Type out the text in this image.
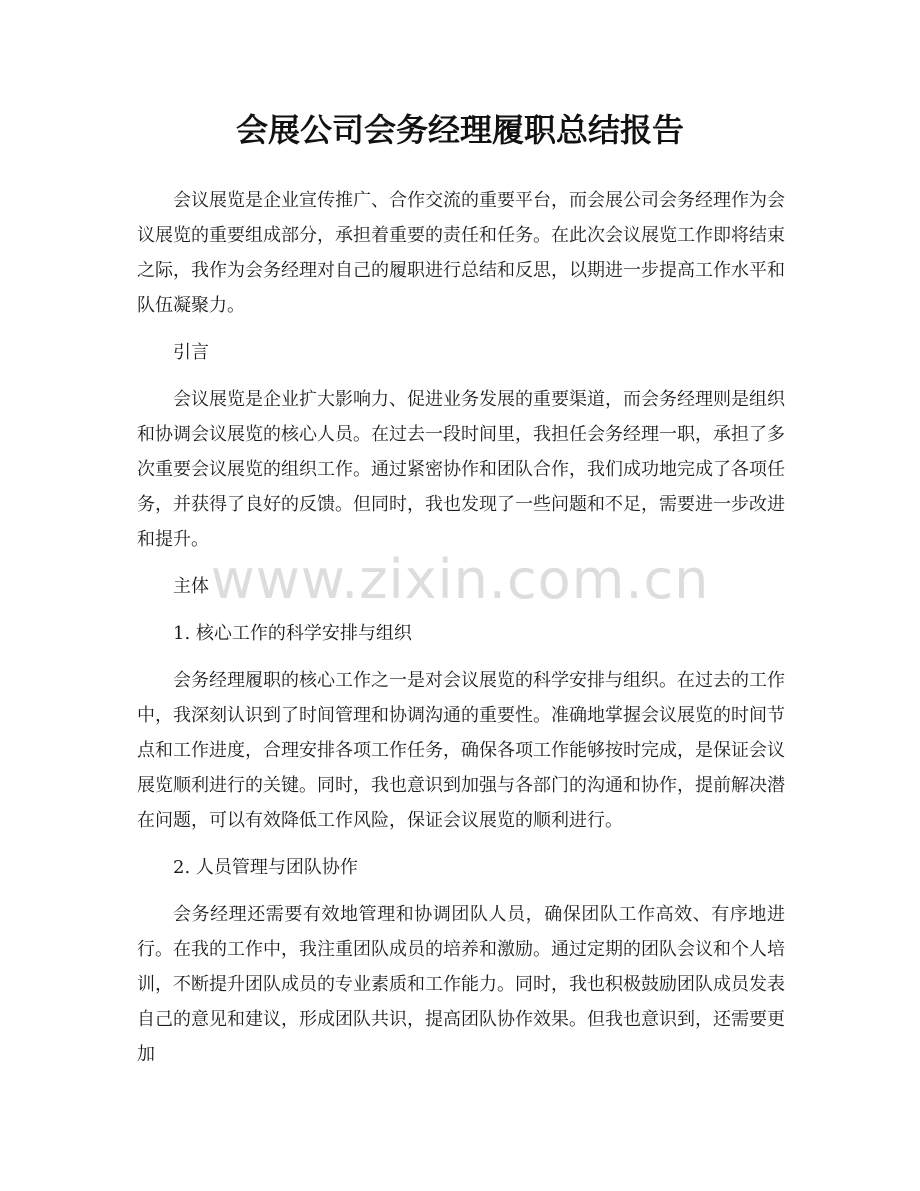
会展公司会务经理履职总结报告

会议展览是企业宣传推广、合作交流的重要平台，而会展公司会务经理作为会议展览的重要组成部分，承担着重要的责任和任务。在此次会议展览工作即将结束之际，我作为会务经理对自己的履职进行总结和反思，以期进一步提高工作水平和队伍凝聚力。

引言

会议展览是企业扩大影响力、促进业务发展的重要渠道，而会务经理则是组织和协调会议展览的核心人员。在过去一段时间里，我担任会务经理一职，承担了多次重要会议展览的组织工作。通过紧密协作和团队合作，我们成功地完成了各项任务，并获得了良好的反馈。但同时，我也发现了一些问题和不足，需要进一步改进和提升。

主体

1. 核心工作的科学安排与组织

会务经理履职的核心工作之一是对会议展览的科学安排与组织。在过去的工作中，我深刻认识到了时间管理和协调沟通的重要性。准确地掌握会议展览的时间节点和工作进度，合理安排各项工作任务，确保各项工作能够按时完成，是保证会议展览顺利进行的关键。同时，我也意识到加强与各部门的沟通和协作，提前解决潜在问题，可以有效降低工作风险，保证会议展览的顺利进行。

2. 人员管理与团队协作

会务经理还需要有效地管理和协调团队人员，确保团队工作高效、有序地进行。在我的工作中，我注重团队成员的培养和激励。通过定期的团队会议和个人培训，不断提升团队成员的专业素质和工作能力。同时，我也积极鼓励团队成员发表自己的意见和建议，形成团队共识，提高团队协作效果。但我也意识到，还需要更加

www.zixin.com.cn
